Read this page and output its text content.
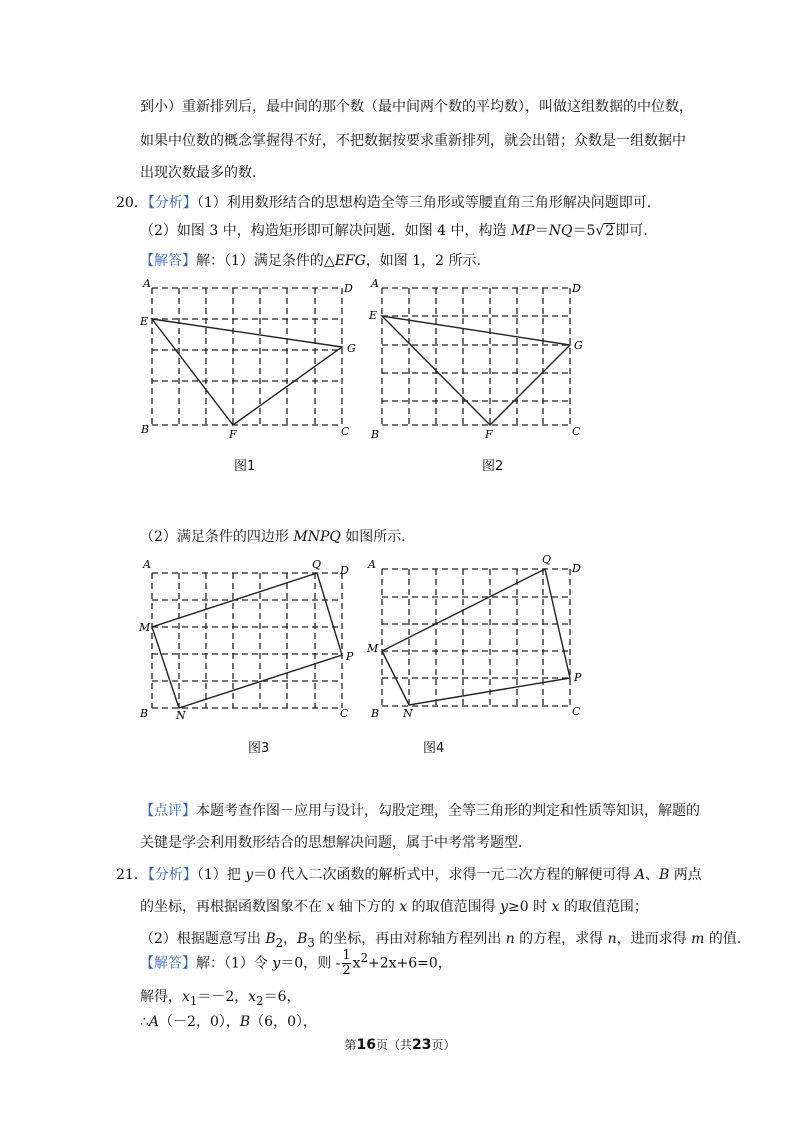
到小）重新排列后，最中间的那个数（最中间两个数的平均数），叫做这组数据的中位数，
如果中位数的概念掌握得不好，不把数据按要求重新排列，就会出错；众数是一组数据中
出现次数最多的数．
20．【分析】（1）利用数形结合的思想构造全等三角形或等腰直角三角形解决问题即可．
（2）如图 3 中，构造矩形即可解决问题．如图 4 中，构造 MP＝NQ＝5√2即可．
【解答】解：（1）满足条件的△EFG，如图 1，2 所示．
A	D
E
G
B	F	C
图1
A	D
E
G
B	F	C
图2
（2）满足条件的四边形 MNPQ 如图所示．
A	Q D
M
P
B	N	C
图3
A	Q
D
M
P
B N	C
图4
【点评】本题考查作图－应用与设计，勾股定理，全等三角形的判定和性质等知识，解题的
关键是学会利用数形结合的思想解决问题，属于中考常考题型．
21．【分析】（1）把 y＝0 代入二次函数的解析式中，求得一元二次方程的解便可得 A、B 两点
的坐标，再根据函数图象不在 x 轴下方的 x 的取值范围得 y≥0 时 x 的取值范围；
（2）根据题意写出 $B_2$，$B_3$ 的坐标，再由对称轴方程列出 n 的方程，求得 n，进而求得 m 的值．
【解答】解：（1）令 y＝0，则 - $\frac{1}{2} x^2+2x+6=0$，
解得，$x_1=-2$，$x_2=6$，
第16页（共23页）
∴A（－2，0），B（6，0），
